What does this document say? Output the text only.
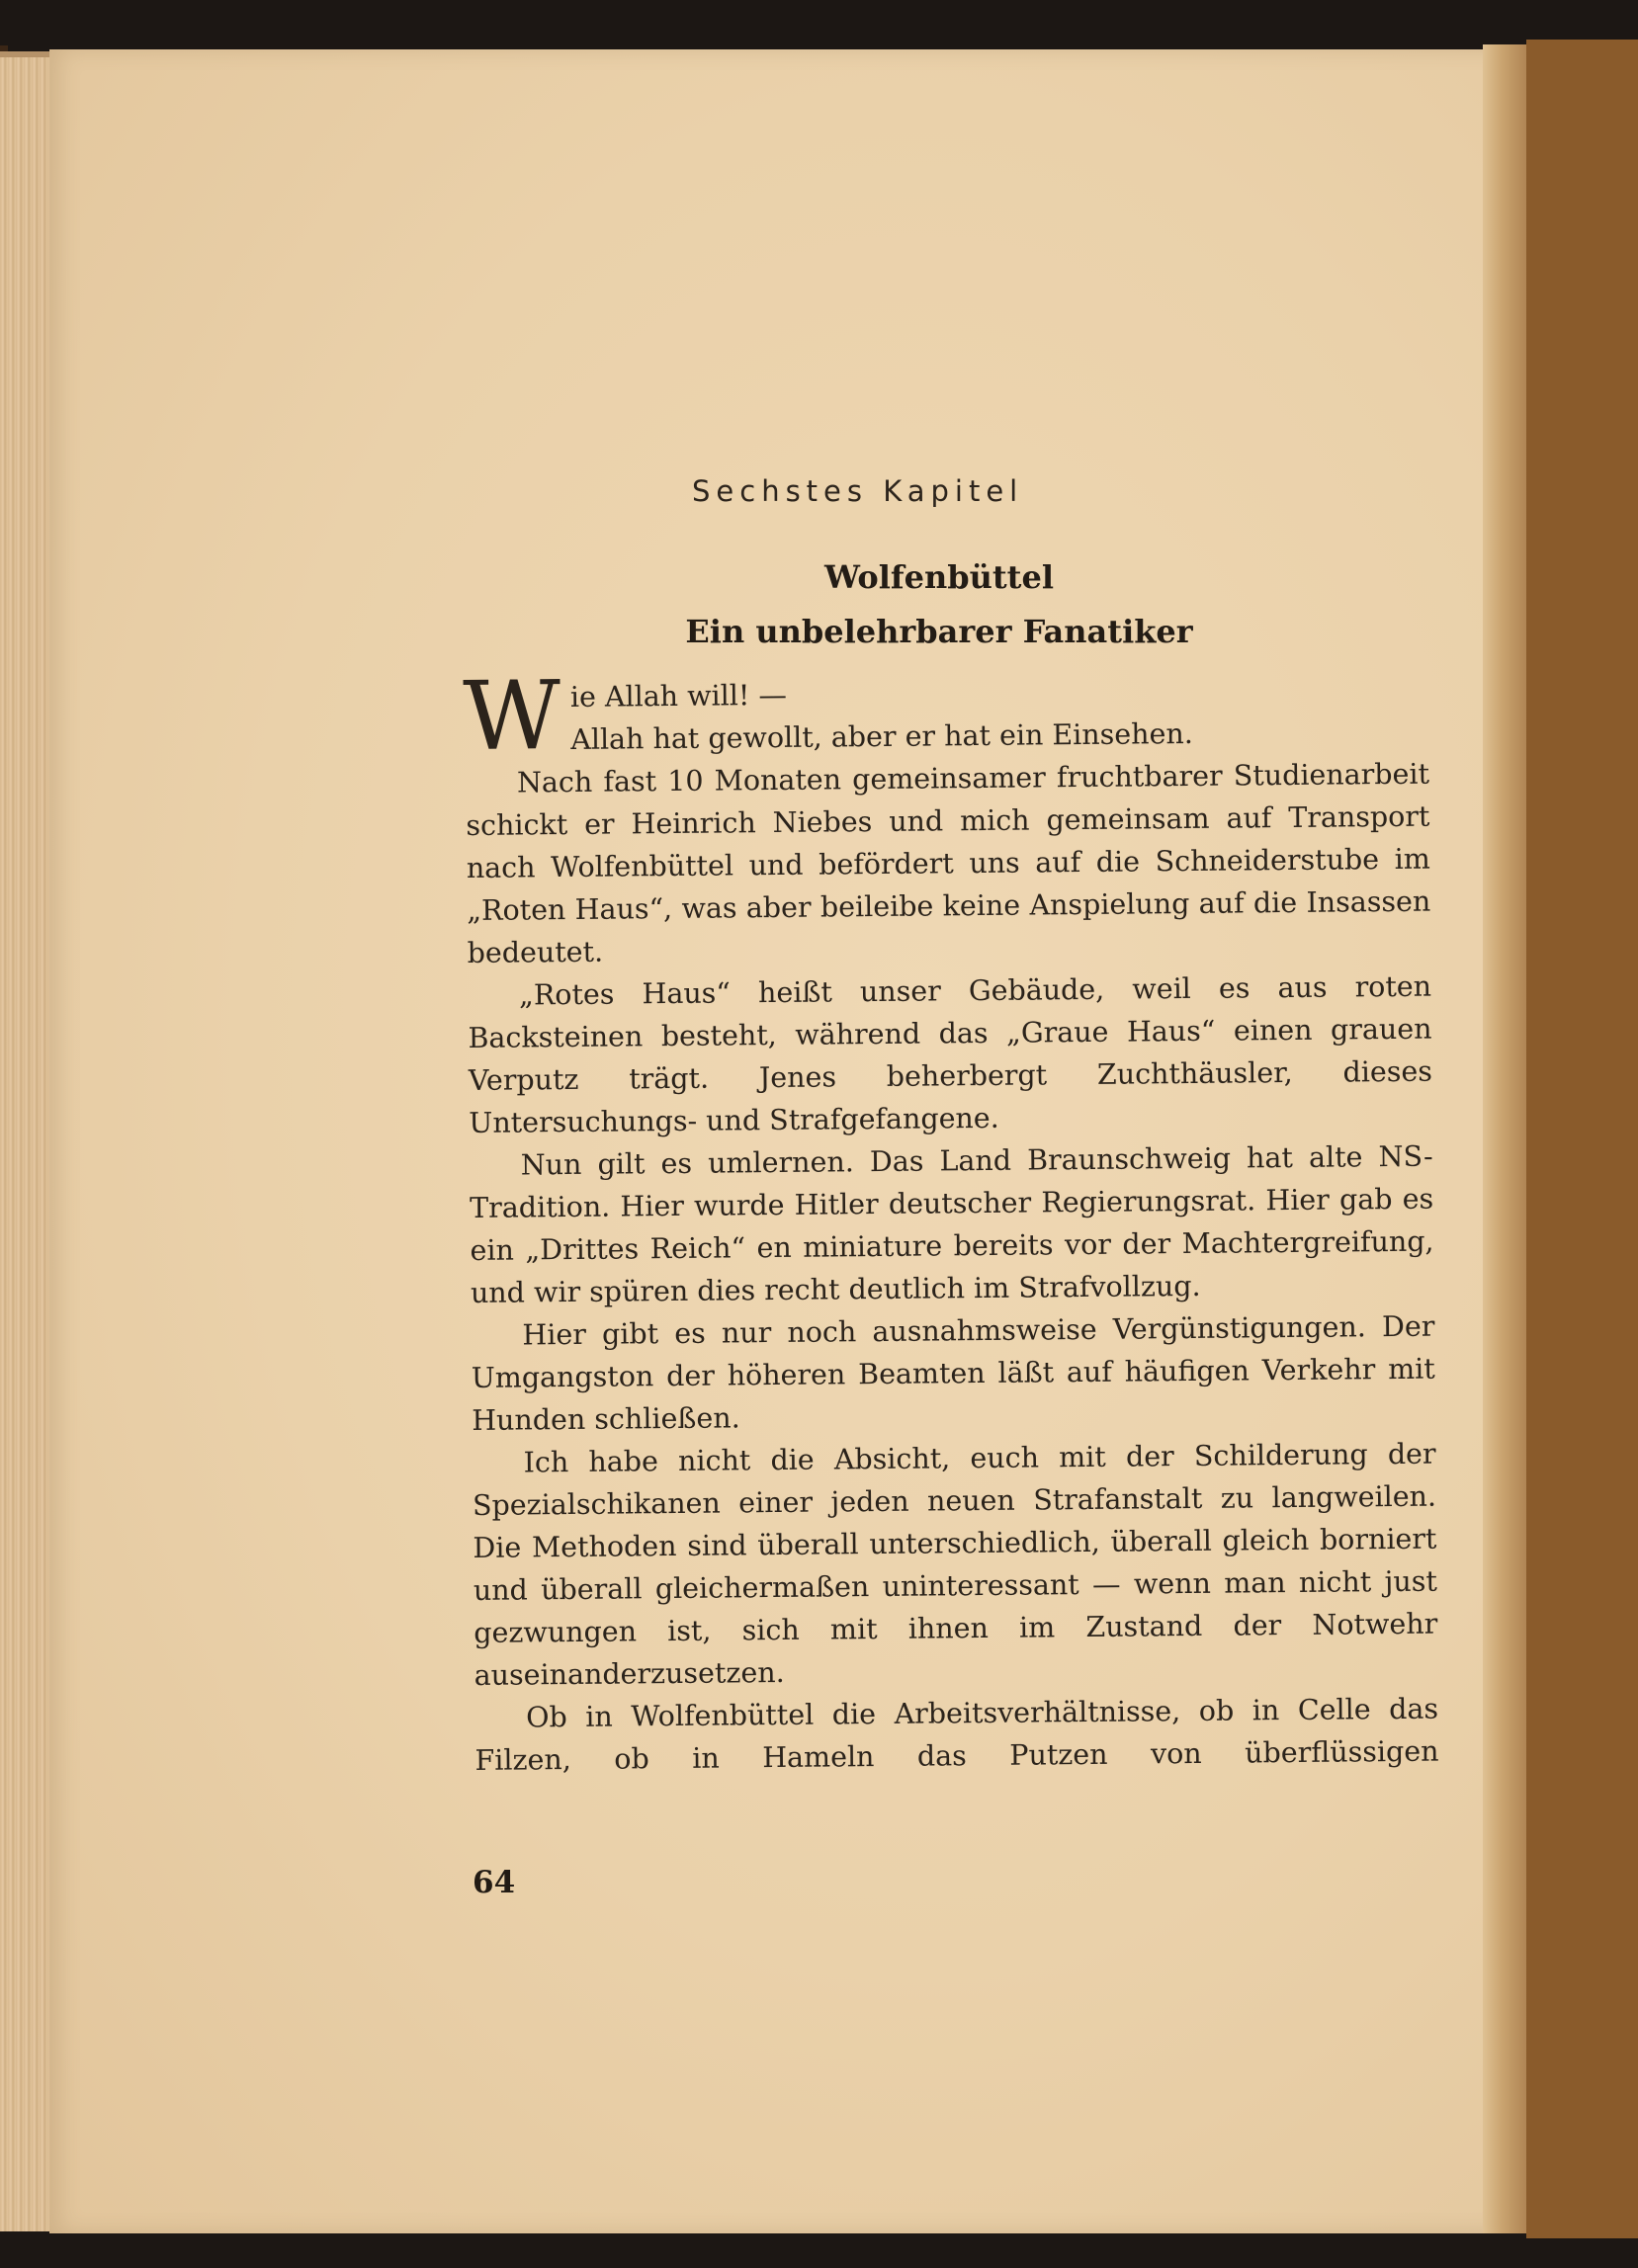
Sechstes Kapitel
Wolfenbüttel
Ein unbelehrbarer Fanatiker
W ie Allah will! —

Allah hat gewollt, aber er hat ein Einsehen.

Nach fast 10 Monaten gemeinsamer fruchtbarer Studienarbeit schickt er Heinrich Niebes und mich gemeinsam auf Transport nach Wolfenbüttel und befördert uns auf die Schneiderstube im „Roten Haus“, was aber beileibe keine Anspielung auf die Insassen bedeutet.

„Rotes Haus“ heißt unser Gebäude, weil es aus roten Backsteinen besteht, während das „Graue Haus“ einen grauen Verputz trägt. Jenes beherbergt Zuchthäusler, dieses Untersuchungs- und Strafgefangene.

Nun gilt es umlernen. Das Land Braunschweig hat alte NS-Tradition. Hier wurde Hitler deutscher Regierungsrat. Hier gab es ein „Drittes Reich“ en miniature bereits vor der Machtergreifung, und wir spüren dies recht deutlich im Strafvollzug.

Hier gibt es nur noch ausnahmsweise Vergünstigungen. Der Umgangston der höheren Beamten läßt auf häufigen Verkehr mit Hunden schließen.

Ich habe nicht die Absicht, euch mit der Schilderung der Spezialschikanen einer jeden neuen Strafanstalt zu langweilen. Die Methoden sind überall unterschiedlich, überall gleich borniert und überall gleichermaßen uninteressant — wenn man nicht just gezwungen ist, sich mit ihnen im Zustand der Notwehr auseinanderzusetzen.

Ob in Wolfenbüttel die Arbeitsverhältnisse, ob in Celle das Filzen, ob in Hameln das Putzen von überflüssigen

64
